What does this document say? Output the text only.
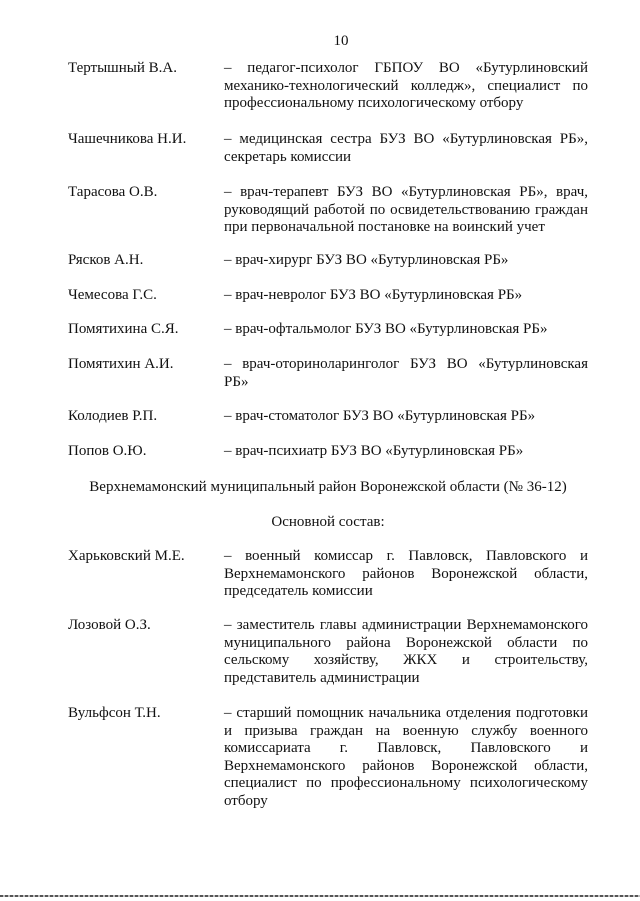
10
Тертышный В.А.	– педагог-психолог ГБПОУ ВО «Бутурлиновский механико-технологический колледж», специалист по профессиональному психологическому отбору
Чашечникова Н.И.	– медицинская сестра БУЗ ВО «Бутурлиновская РБ», секретарь комиссии
Тарасова О.В.	– врач-терапевт БУЗ ВО «Бутурлиновская РБ», врач, руководящий работой по освидетельствованию граждан при первоначальной постановке на воинский учет
Рясков А.Н.	– врач-хирург БУЗ ВО «Бутурлиновская РБ»
Чемесова Г.С.	– врач-невролог БУЗ ВО «Бутурлиновская РБ»
Помятихина С.Я.	– врач-офтальмолог БУЗ ВО «Бутурлиновская РБ»
Помятихин А.И.	– врач-оториноларинголог БУЗ ВО «Бутурлиновская РБ»
Колодиев Р.П.	– врач-стоматолог БУЗ ВО «Бутурлиновская РБ»
Попов О.Ю.	– врач-психиатр БУЗ ВО «Бутурлиновская РБ»
Верхнемамонский муниципальный район Воронежской области (№ 36-12)
Основной состав:
Харьковский М.Е.	– военный комиссар г. Павловск, Павловского и Верхнемамонского районов Воронежской области, председатель комиссии
Лозовой О.З.	– заместитель главы администрации Верхнемамонского муниципального района Воронежской области по сельскому хозяйству, ЖКХ и строительству, представитель администрации
Вульфсон Т.Н.	– старший помощник начальника отделения подготовки и призыва граждан на военную службу военного комиссариата г. Павловск, Павловского и Верхнемамонского районов Воронежской области, специалист по профессиональному психологическому отбору
